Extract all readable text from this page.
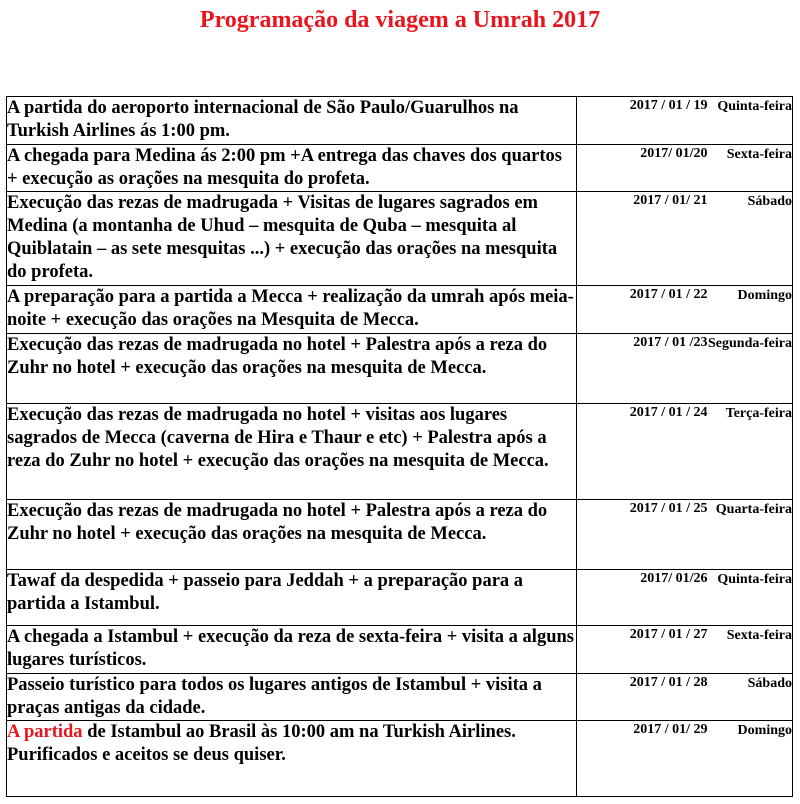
Programação da viagem a Umrah 2017
A partida do aeroporto internacional de São Paulo/Guarulhos na Turkish Airlines ás 1:00 pm.	2017 / 01 / 19	Quinta-feira
A chegada para Medina ás 2:00 pm +A entrega das chaves dos quartos + execução as orações na mesquita do profeta.	2017/ 01/20	Sexta-feira
Execução das rezas de madrugada + Visitas de lugares sagrados em Medina (a montanha de Uhud – mesquita de Quba – mesquita al Quiblatain – as sete mesquitas ...) + execução das orações na mesquita do profeta.	2017 / 01/ 21	Sábado
A preparação para a partida a Mecca + realização da umrah após meia-noite + execução das orações na Mesquita de Mecca.	2017 / 01 / 22	Domingo
Execução das rezas de madrugada no hotel + Palestra após a reza do Zuhr no hotel + execução das orações na mesquita de Mecca.	2017 / 01 /23	Segunda-feira
Execução das rezas de madrugada no hotel + visitas aos lugares sagrados de Mecca (caverna de Hira e Thaur e etc) + Palestra após a reza do Zuhr no hotel + execução das orações na mesquita de Mecca.	2017 / 01 / 24	Terça-feira
Execução das rezas de madrugada no hotel + Palestra após a reza do Zuhr no hotel + execução das orações na mesquita de Mecca.	2017 / 01 / 25	Quarta-feira
Tawaf da despedida + passeio para Jeddah + a preparação para a partida a Istambul.	2017/ 01/26	Quinta-feira
A chegada a Istambul + execução da reza de sexta-feira + visita a alguns lugares turísticos.	2017 / 01 / 27	Sexta-feira
Passeio turístico para todos os lugares antigos de Istambul + visita a praças antigas da cidade.	2017 / 01 / 28	Sábado
A partida de Istambul ao Brasil às 10:00 am na Turkish Airlines. Purificados e aceitos se deus quiser.	2017 / 01/ 29	Domingo
